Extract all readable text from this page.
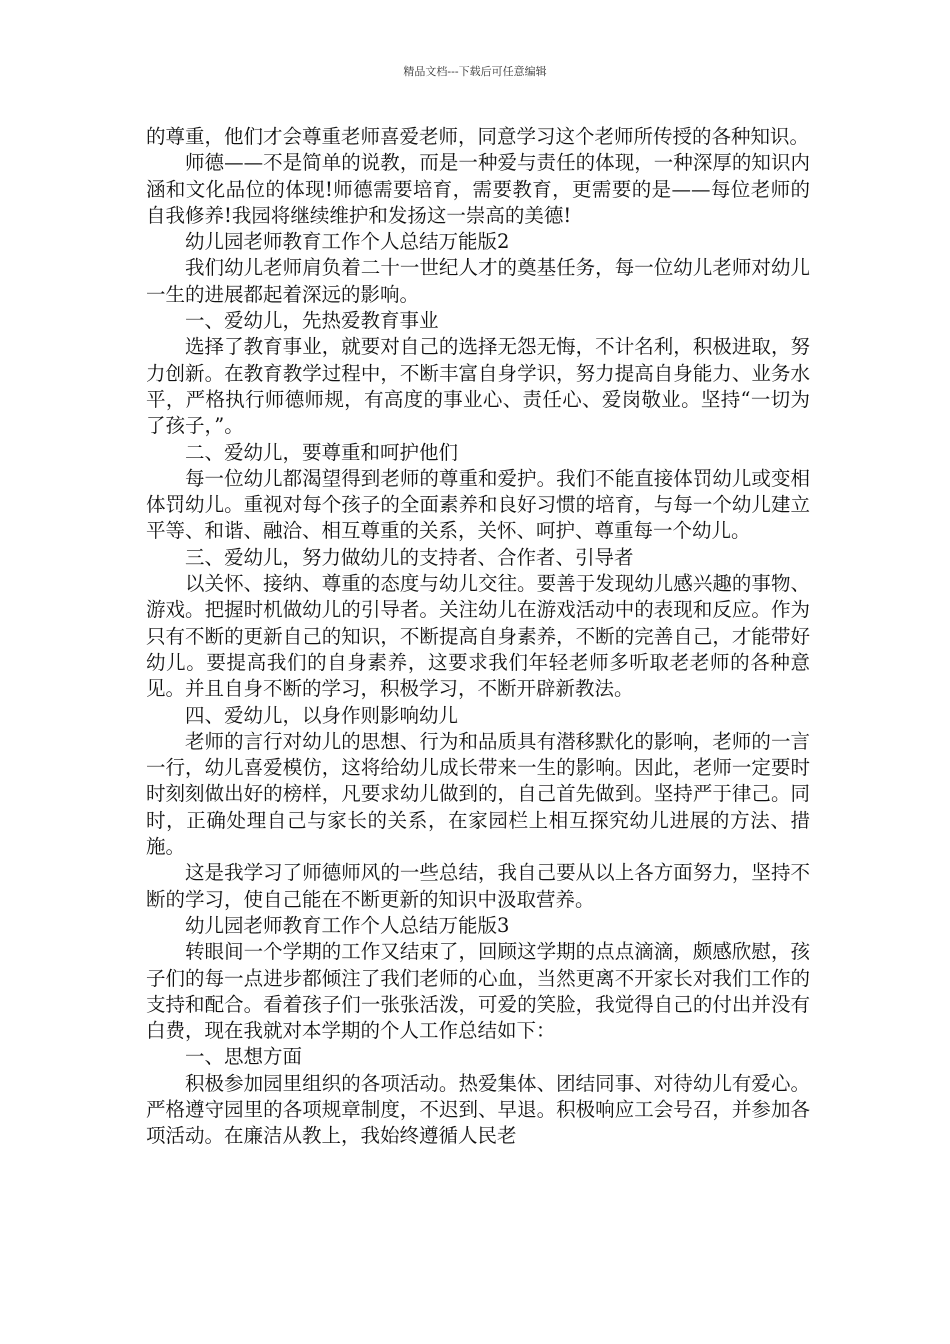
精品文档---下载后可任意编辑

的尊重，他们才会尊重老师喜爱老师，同意学习这个老师所传授的各种知识。

师德——不是简单的说教，而是一种爱与责任的体现，一种深厚的知识内涵和文化品位的体现!师德需要培育，需要教育，更需要的是——每位老师的自我修养!我园将继续维护和发扬这一崇高的美德!

幼儿园老师教育工作个人总结万能版2

我们幼儿老师肩负着二十一世纪人才的奠基任务，每一位幼儿老师对幼儿一生的进展都起着深远的影响。

一、爱幼儿，先热爱教育事业

选择了教育事业，就要对自己的选择无怨无悔，不计名利，积极进取，努力创新。在教育教学过程中，不断丰富自身学识，努力提高自身能力、业务水平，严格执行师德师规，有高度的事业心、责任心、爱岗敬业。坚持“一切为了孩子，”。

二、爱幼儿，要尊重和呵护他们

每一位幼儿都渴望得到老师的尊重和爱护。我们不能直接体罚幼儿或变相体罚幼儿。重视对每个孩子的全面素养和良好习惯的培育，与每一个幼儿建立平等、和谐、融洽、相互尊重的关系，关怀、呵护、尊重每一个幼儿。

三、爱幼儿，努力做幼儿的支持者、合作者、引导者

以关怀、接纳、尊重的态度与幼儿交往。要善于发现幼儿感兴趣的事物、游戏。把握时机做幼儿的引导者。关注幼儿在游戏活动中的表现和反应。作为只有不断的更新自己的知识，不断提高自身素养，不断的完善自己，才能带好幼儿。要提高我们的自身素养，这要求我们年轻老师多听取老老师的各种意见。并且自身不断的学习，积极学习，不断开辟新教法。

四、爱幼儿，以身作则影响幼儿

老师的言行对幼儿的思想、行为和品质具有潜移默化的影响，老师的一言一行，幼儿喜爱模仿，这将给幼儿成长带来一生的影响。因此，老师一定要时时刻刻做出好的榜样，凡要求幼儿做到的，自己首先做到。坚持严于律己。同时，正确处理自己与家长的关系，在家园栏上相互探究幼儿进展的方法、措施。

这是我学习了师德师风的一些总结，我自己要从以上各方面努力，坚持不断的学习，使自己能在不断更新的知识中汲取营养。

幼儿园老师教育工作个人总结万能版3

转眼间一个学期的工作又结束了，回顾这学期的点点滴滴，颇感欣慰，孩子们的每一点进步都倾注了我们老师的心血，当然更离不开家长对我们工作的支持和配合。看着孩子们一张张活泼，可爱的笑脸，我觉得自己的付出并没有白费，现在我就对本学期的个人工作总结如下：

一、思想方面

积极参加园里组织的各项活动。热爱集体、团结同事、对待幼儿有爱心。严格遵守园里的各项规章制度，不迟到、早退。积极响应工会号召，并参加各项活动。在廉洁从教上，我始终遵循人民老
